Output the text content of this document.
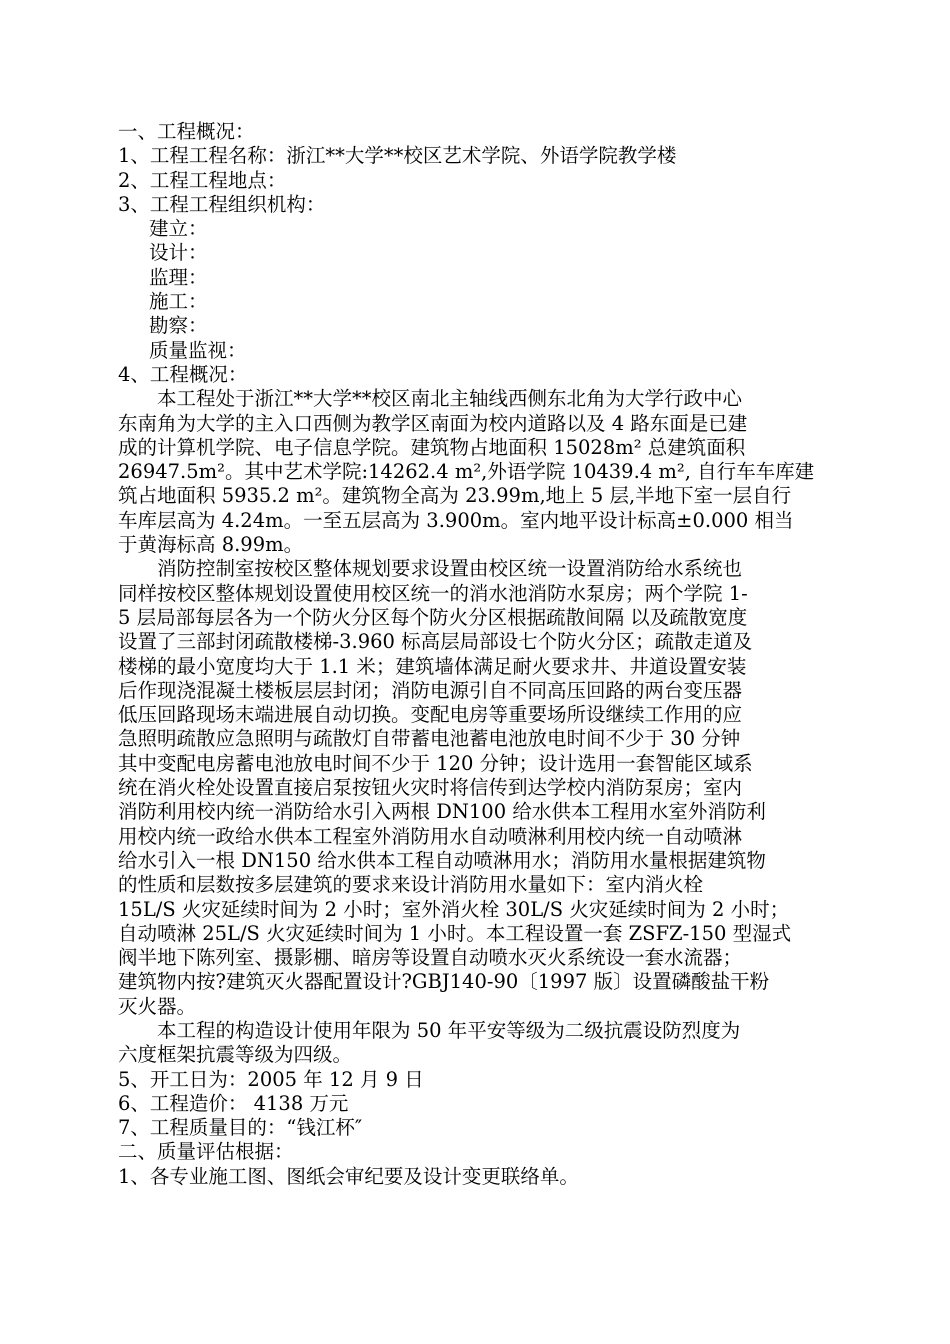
一、工程概况：
1、工程工程名称：浙江**大学**校区艺术学院、外语学院教学楼
2、工程工程地点：
3、工程工程组织机构：
建立：
设计：
监理：
施工：
勘察：
质量监视：
4、工程概况：
本工程处于浙江**大学**校区南北主轴线西侧东北角为大学行政中心
东南角为大学的主入口西侧为教学区南面为校内道路以及 4 路东面是已建
成的计算机学院、电子信息学院。建筑物占地面积 15028m² 总建筑面积
26947.5m²。其中艺术学院:14262.4 m²,外语学院 10439.4 m², 自行车车库建
筑占地面积 5935.2 m²。建筑物全高为 23.99m,地上 5 层,半地下室一层自行
车库层高为 4.24m。一至五层高为 3.900m。室内地平设计标高±0.000 相当
于黄海标高 8.99m。
消防控制室按校区整体规划要求设置由校区统一设置消防给水系统也
同样按校区整体规划设置使用校区统一的消水池消防水泵房；两个学院 1-
5 层局部每层各为一个防火分区每个防火分区根据疏散间隔 以及疏散宽度
设置了三部封闭疏散楼梯-3.960 标高层局部设七个防火分区；疏散走道及
楼梯的最小宽度均大于 1.1 米；建筑墙体满足耐火要求井、井道设置安装
后作现浇混凝土楼板层层封闭；消防电源引自不同高压回路的两台变压器
低压回路现场末端进展自动切换。变配电房等重要场所设继续工作用的应
急照明疏散应急照明与疏散灯自带蓄电池蓄电池放电时间不少于 30 分钟
其中变配电房蓄电池放电时间不少于 120 分钟；设计选用一套智能区域系
统在消火栓处设置直接启泵按钮火灾时将信传到达学校内消防泵房；室内
消防利用校内统一消防给水引入两根 DN100 给水供本工程用水室外消防利
用校内统一政给水供本工程室外消防用水自动喷淋利用校内统一自动喷淋
给水引入一根 DN150 给水供本工程自动喷淋用水；消防用水量根据建筑物
的性质和层数按多层建筑的要求来设计消防用水量如下：室内消火栓
15L/S 火灾延续时间为 2 小时；室外消火栓 30L/S 火灾延续时间为 2 小时；
自动喷淋 25L/S 火灾延续时间为 1 小时。本工程设置一套 ZSFZ-150 型湿式
阀半地下陈列室、摄影棚、暗房等设置自动喷水灭火系统设一套水流器；
建筑物内按?建筑灭火器配置设计?GBJ140-90〔1997 版〕设置磷酸盐干粉
灭火器。
本工程的构造设计使用年限为 50 年平安等级为二级抗震设防烈度为
六度框架抗震等级为四级。
5、开工日为：2005 年 12 月 9 日
6、工程造价： 4138 万元
7、工程质量目的：“钱江杯″
二、质量评估根据：
1、各专业施工图、图纸会审纪要及设计变更联络单。
